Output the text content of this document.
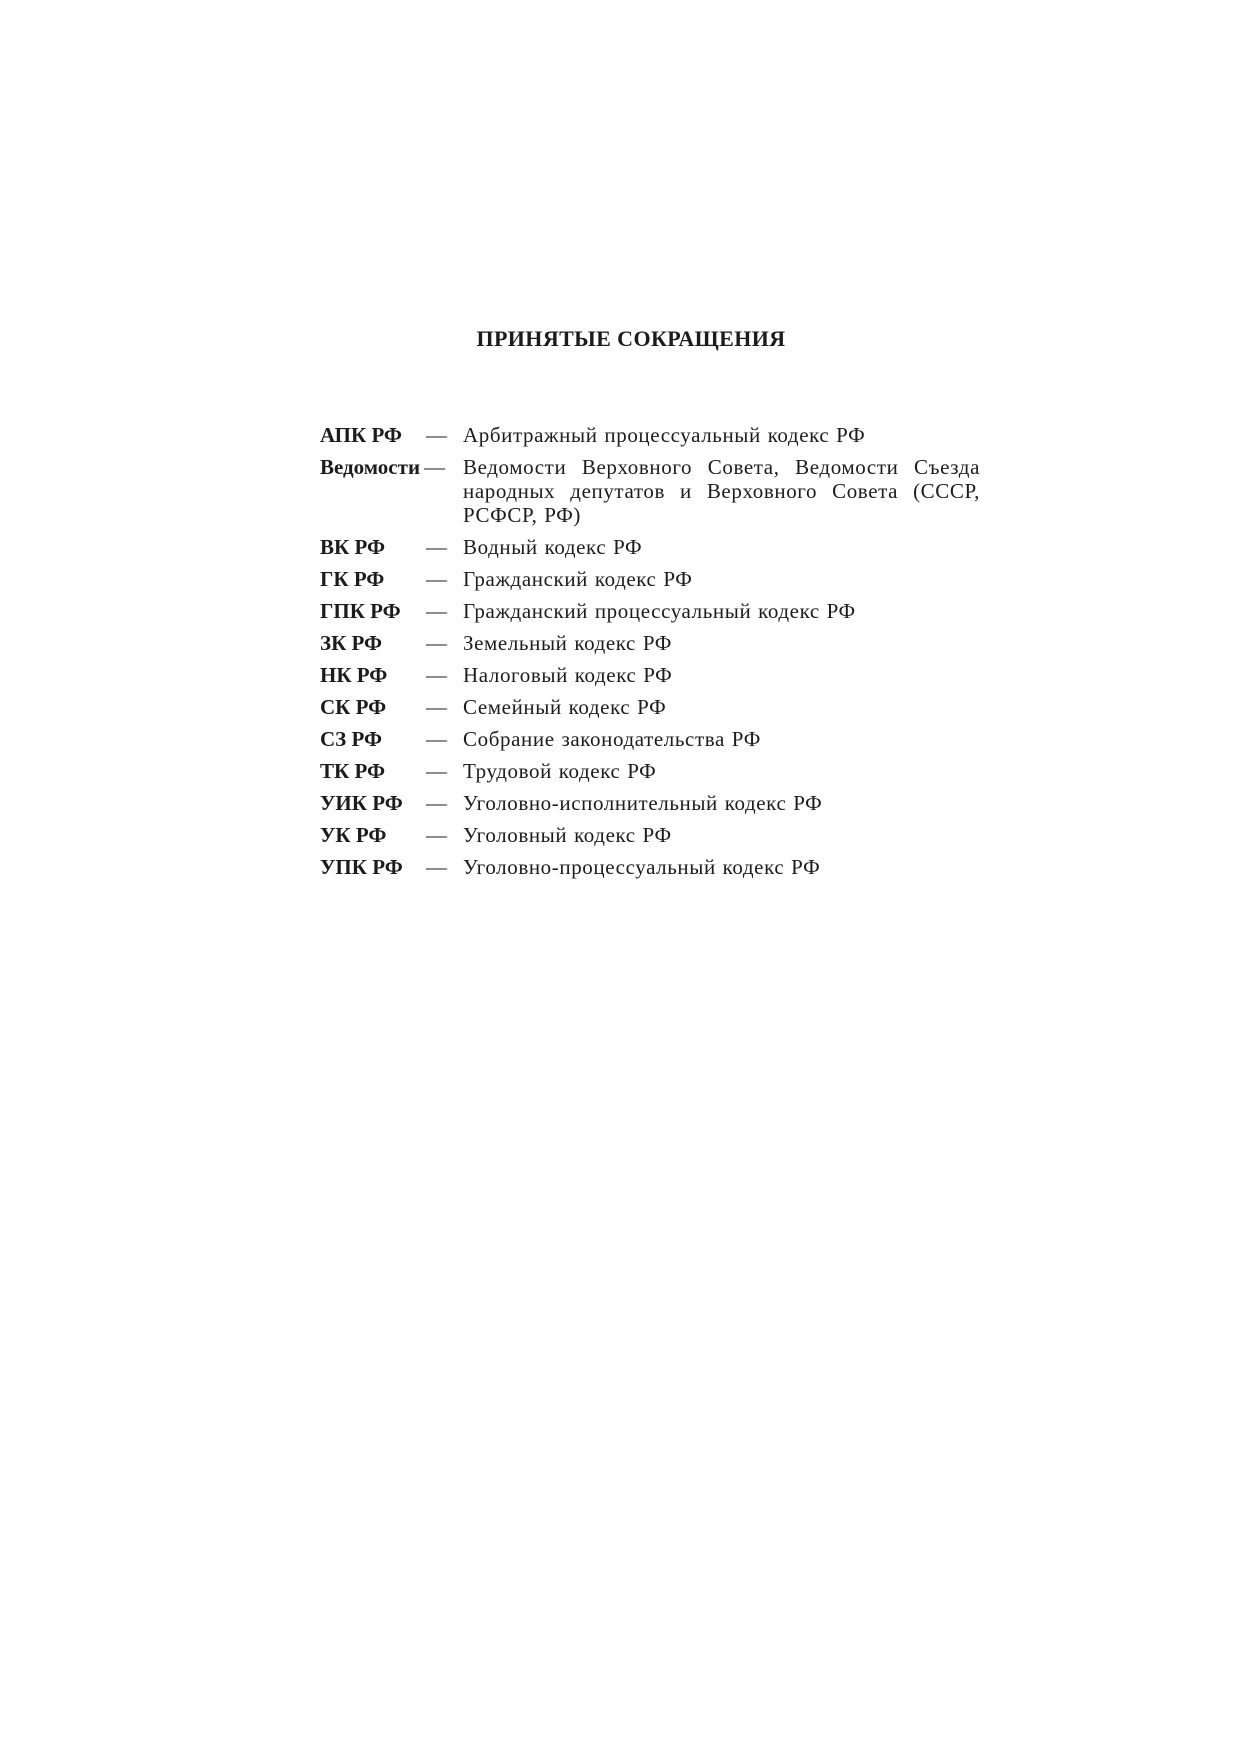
ПРИНЯТЫЕ СОКРАЩЕНИЯ
АПК РФ	— Арбитражный процессуальный кодекс РФ
Ведомости — Ведомости Верховного Совета, Ведомости Съезда народных депутатов и Верховного Совета (СССР, РСФСР, РФ)
ВК РФ	— Водный кодекс РФ
ГК РФ	— Гражданский кодекс РФ
ГПК РФ	— Гражданский процессуальный кодекс РФ
ЗК РФ	— Земельный кодекс РФ
НК РФ	— Налоговый кодекс РФ
СК РФ	— Семейный кодекс РФ
СЗ РФ	— Собрание законодательства РФ
ТК РФ	— Трудовой кодекс РФ
УИК РФ	— Уголовно-исполнительный кодекс РФ
УК РФ	— Уголовный кодекс РФ
УПК РФ	— Уголовно-процессуальный кодекс РФ
